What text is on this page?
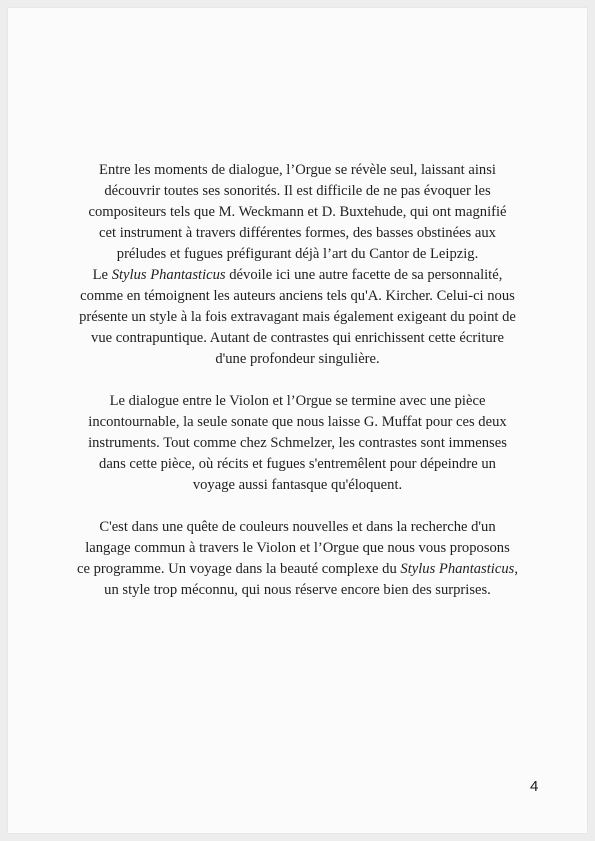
Entre les moments de dialogue, l’Orgue se révèle seul, laissant ainsi
découvrir toutes ses sonorités. Il est difficile de ne pas évoquer les
compositeurs tels que M. Weckmann et D. Buxtehude, qui ont magnifié
cet instrument à travers différentes formes, des basses obstinées aux
préludes et fugues préfigurant déjà l’art du Cantor de Leipzig.

Le Stylus Phantasticus dévoile ici une autre facette de sa personnalité,
comme en témoignent les auteurs anciens tels qu'A. Kircher. Celui-ci nous
présente un style à la fois extravagant mais également exigeant du point de
vue contrapuntique. Autant de contrastes qui enrichissent cette écriture
d'une profondeur singulière.

Le dialogue entre le Violon et l’Orgue se termine avec une pièce
incontournable, la seule sonate que nous laisse G. Muffat pour ces deux
instruments. Tout comme chez Schmelzer, les contrastes sont immenses
dans cette pièce, où récits et fugues s'entremêlent pour dépeindre un
voyage aussi fantasque qu'éloquent.

C'est dans une quête de couleurs nouvelles et dans la recherche d'un
langage commun à travers le Violon et l’Orgue que nous vous proposons
ce programme. Un voyage dans la beauté complexe du Stylus Phantasticus,
un style trop méconnu, qui nous réserve encore bien des surprises.

4
